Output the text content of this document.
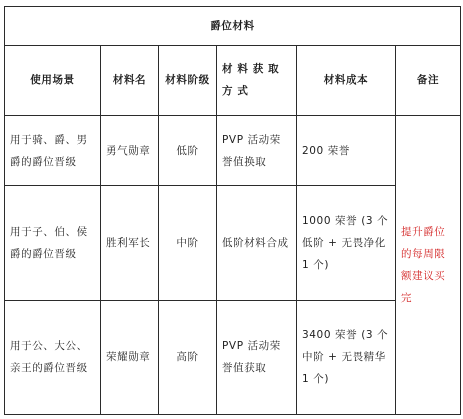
爵位材料					
使用场景	材料名	材料阶级	材 料 获 取 方 式	材料成本	备注
用于骑、爵、男爵的爵位晋级	勇气勋章	低阶	PVP 活动荣誉值换取	200 荣誉	提升爵位的每周限额建议买完
用于子、伯、侯爵的爵位晋级	胜利军长	中阶	低阶材料合成	1000 荣誉 (3 个低阶 + 无畏净化 1 个)	
用于公、大公、亲王的爵位晋级	荣耀勋章	高阶	PVP 活动荣誉值获取	3400 荣誉 (3 个中阶 + 无畏精华 1 个)	
